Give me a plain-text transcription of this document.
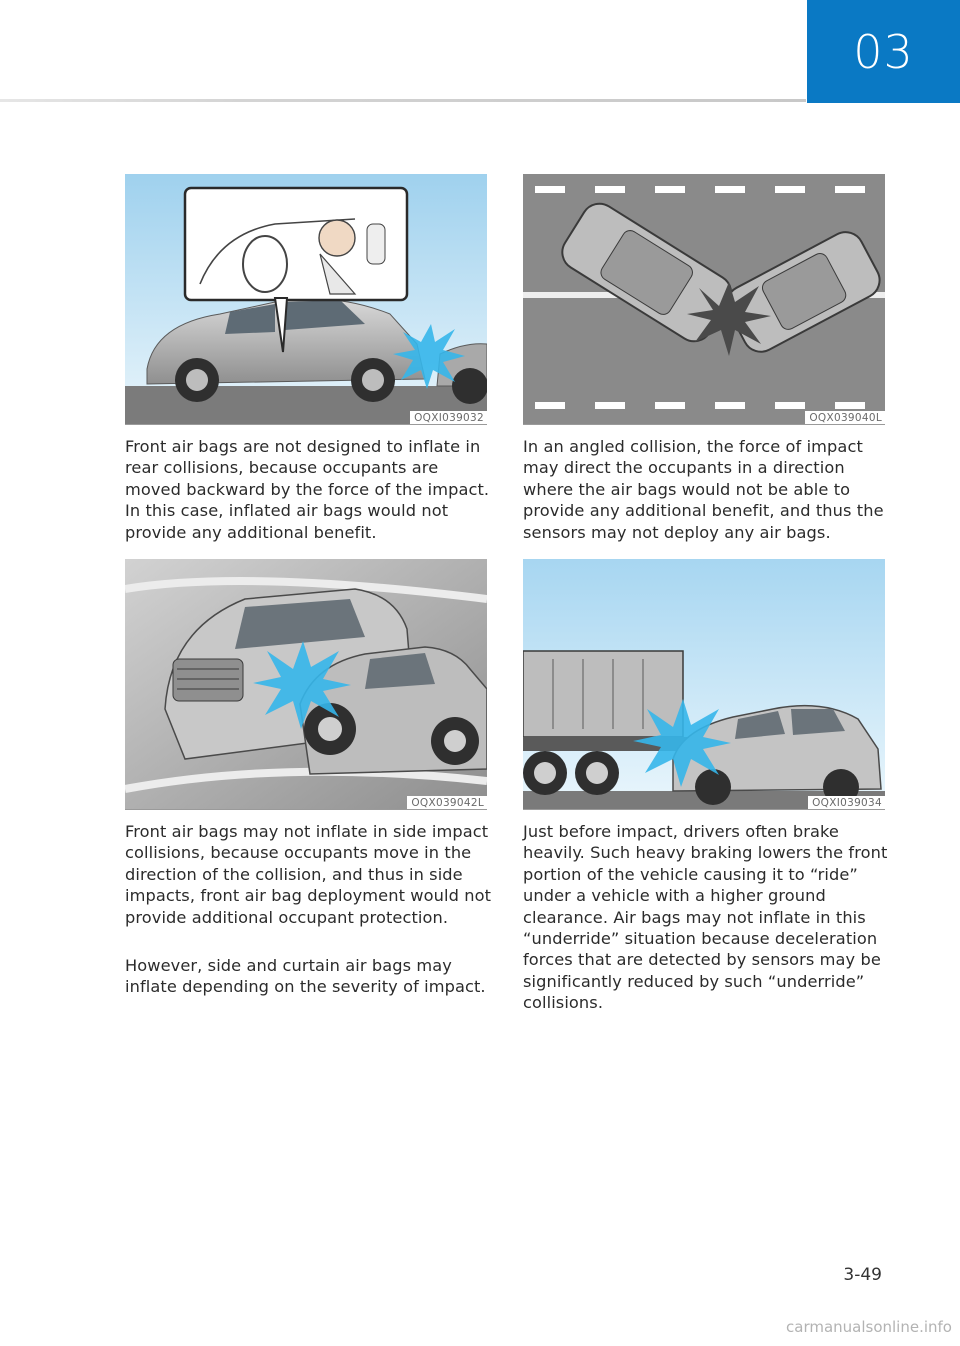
03
OQXI039032	OQX039040L

Front air bags are not designed to inflate in rear collisions, because occupants are moved backward by the force of the impact. In this case, inflated air bags would not provide any additional benefit.

In an angled collision, the force of impact may direct the occupants in a direction where the air bags would not be able to provide any additional benefit, and thus the sensors may not deploy any air bags.

OQX039042L	OQXI039034

Front air bags may not inflate in side impact collisions, because occupants move in the direction of the collision, and thus in side impacts, front air bag deployment would not provide additional occupant protection.

However, side and curtain air bags may inflate depending on the severity of impact.

Just before impact, drivers often brake heavily. Such heavy braking lowers the front portion of the vehicle causing it to “ride” under a vehicle with a higher ground clearance. Air bags may not inflate in this “underride” situation because deceleration forces that are detected by sensors may be significantly reduced by such “underride” collisions.

3-49
carmanualsonline.info
